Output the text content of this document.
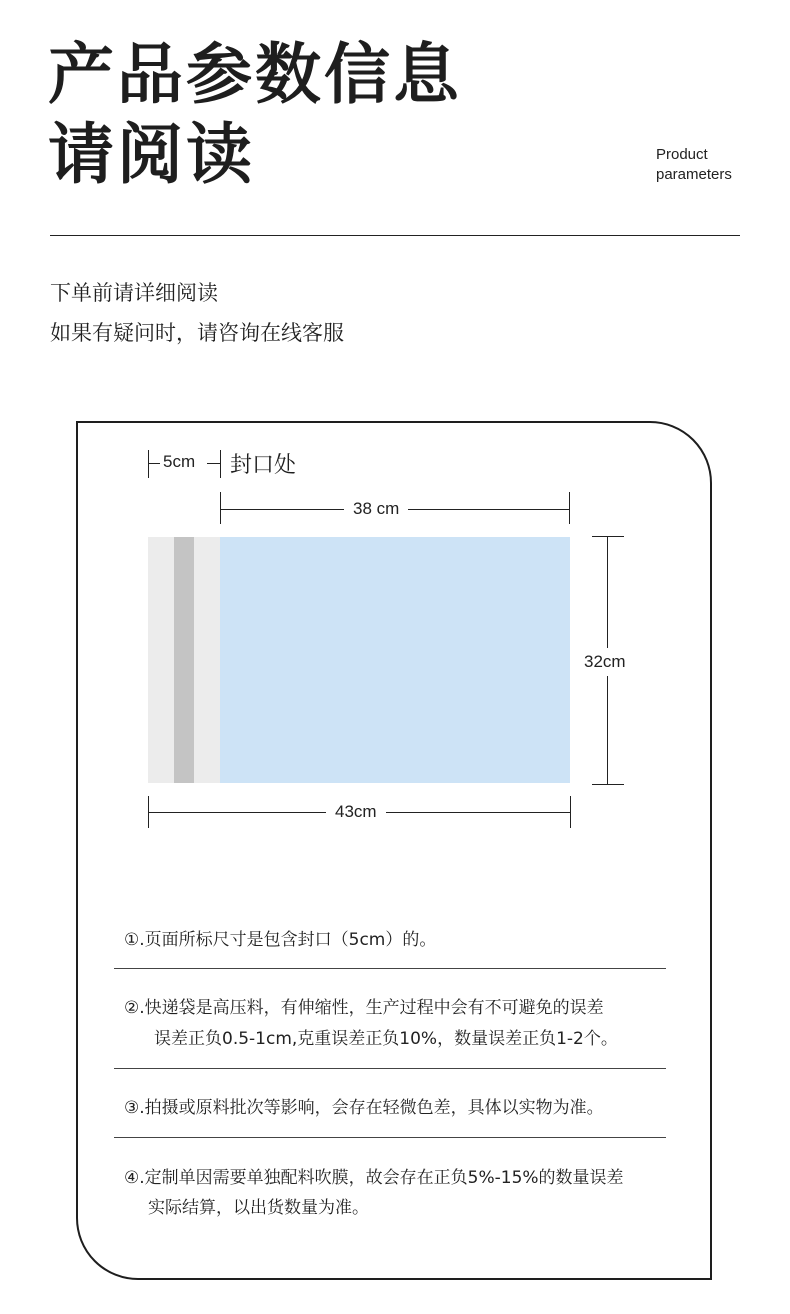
产品参数信息
请阅读	Product
parameters
下单前请详细阅读
如果有疑问时，请咨询在线客服
5cm 封口处
38 cm
32cm
43cm
①.页面所标尺寸是包含封口（5cm）的。
②.快递袋是高压料，有伸缩性，生产过程中会有不可避免的误差
误差正负0.5-1cm,克重误差正负10%，数量误差正负1-2个。
③.拍摄或原料批次等影响，会存在轻微色差，具体以实物为准。
④.定制单因需要单独配料吹膜，故会存在正负5%-15%的数量误差
实际结算，以出货数量为准。
